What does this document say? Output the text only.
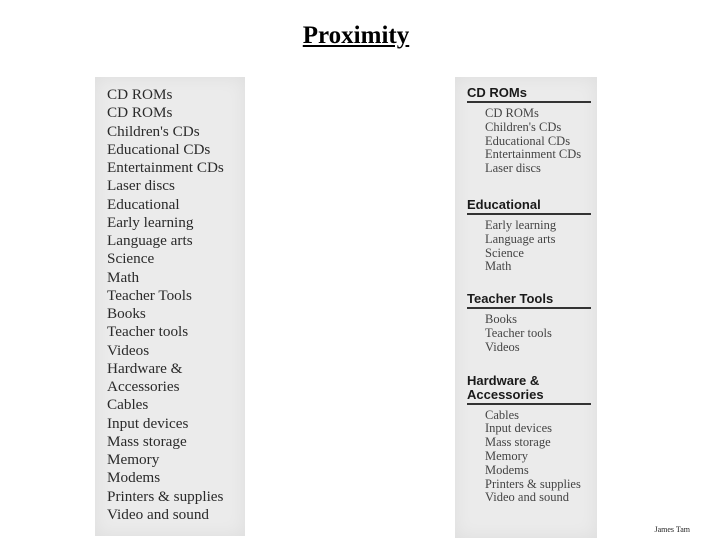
Proximity
CD ROMs
CD ROMs
Children's CDs
Educational CDs
Entertainment CDs
Laser discs
Educational
Early learning
Language arts
Science
Math
Teacher Tools
Books
Teacher tools
Videos
Hardware &
Accessories
Cables
Input devices
Mass storage
Memory
Modems
Printers & supplies
Video and sound
CD ROMs
CD ROMs
Children's CDs
Educational CDs
Entertainment CDs
Laser discs
Educational
Early learning
Language arts
Science
Math
Teacher Tools
Books
Teacher tools
Videos
Hardware & Accessories
Cables
Input devices
Mass storage
Memory
Modems
Printers & supplies
Video and sound
James Tam
